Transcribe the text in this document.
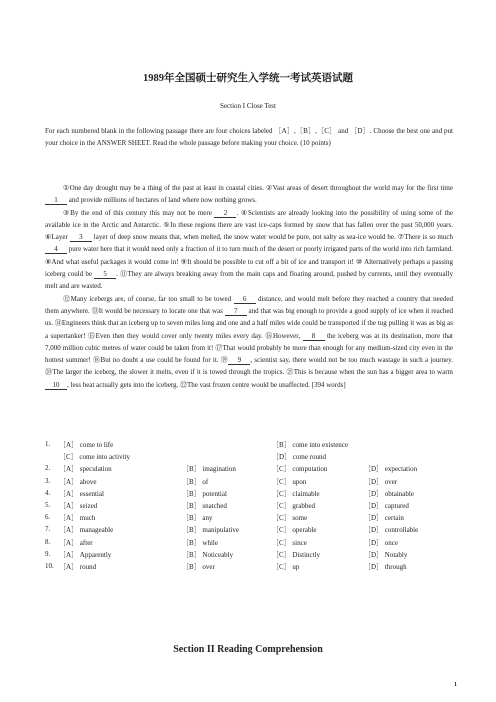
1989年全国硕士研究生入学统一考试英语试题
Section I Close Test

For each numbered blank in the following passage there are four choices labeled ［A］,［B］,［C］ and ［D］. Choose the best one and put your choice in the ANSWER SHEET. Read the whole passage before making your choice. (10 points)

①One day drought may be a thing of the past at least in coastal cities. ②Vast areas of desert throughout the world may for the first time 1 and provide millions of hectares of land where now nothing grows.

③By the end of this century this may not be mere 2 . ④Scientists are already looking into the possibility of using some of the available ice in the Arctic and Antarctic. ⑤In these regions there are vast ice-caps formed by snow that has fallen over the past 50,000 years. ⑥Layer 3 layer of deep snow means that, when melted, the snow water would be pure, not salty as sea-ice would be. ⑦There is so much 4 pure water here that it would need only a fraction of it to turn much of the desert or poorly irrigated parts of the world into rich farmland. ⑧And what useful packages it would come in! ⑨It should be possible to cut off a bit of ice and transport it! ⑩ Alternatively perhaps a passing iceberg could be 5 . ⑪They are always breaking away from the main caps and floating around, pushed by currents, until they eventually melt and are wasted.

⑫Many icebergs are, of course, far too small to be towed 6 distance, and would melt before they reached a country that needed them anywhere. ⑬It would be necessary to locate one that was 7 and that was big enough to provide a good supply of ice when it reached us. ⑭Engineers think that an iceberg up to seven miles long and one and a half miles wide could be transported if the tug pulling it was as big as a supertanker! ⑮Even then they would cover only twenty miles every day. ⑯However, 8 the iceberg was at its destination, more that 7,000 million cubic metres of water could be taken from it! ⑰That would probably be more than enough for any medium-sized city even in the hottest summer! ⑱But no doubt a use could be found for it. ⑲ 9 , scientist say, there would not be too much wastage in such a journey. ⑳The larger the iceberg, the slower it melts, even if it is towed through the tropics. ㉑This is because when the sun has a bigger area to warm 10 , less heat actually gets into the iceberg. ㉒The vast frozen centre would be unaffected. [394 words]

1. ［A］ come to life	［B］ come into existence
［C］ come into activity	［D］ come round
2. ［A］ speculation	［B］ imagination	［C］ computation	［D］ expectation
3. ［A］ above	［B］ of	［C］ upon	［D］ over
4. ［A］ essential	［B］ potential	［C］ claimable	［D］ obtainable
5. ［A］ seized	［B］ snatched	［C］ grabbed	［D］ captured
6. ［A］ much	［B］ any	［C］ some	［D］ certain
7. ［A］ manageable	［B］ manipulative	［C］ operable	［D］ controllable
8. ［A］ after	［B］ while	［C］ since	［D］ once
9. ［A］ Apparently	［B］ Noticeably	［C］ Distinctly	［D］ Notably
10. ［A］ round	［B］ over	［C］ up	［D］ through
Section II Reading Comprehension
1
